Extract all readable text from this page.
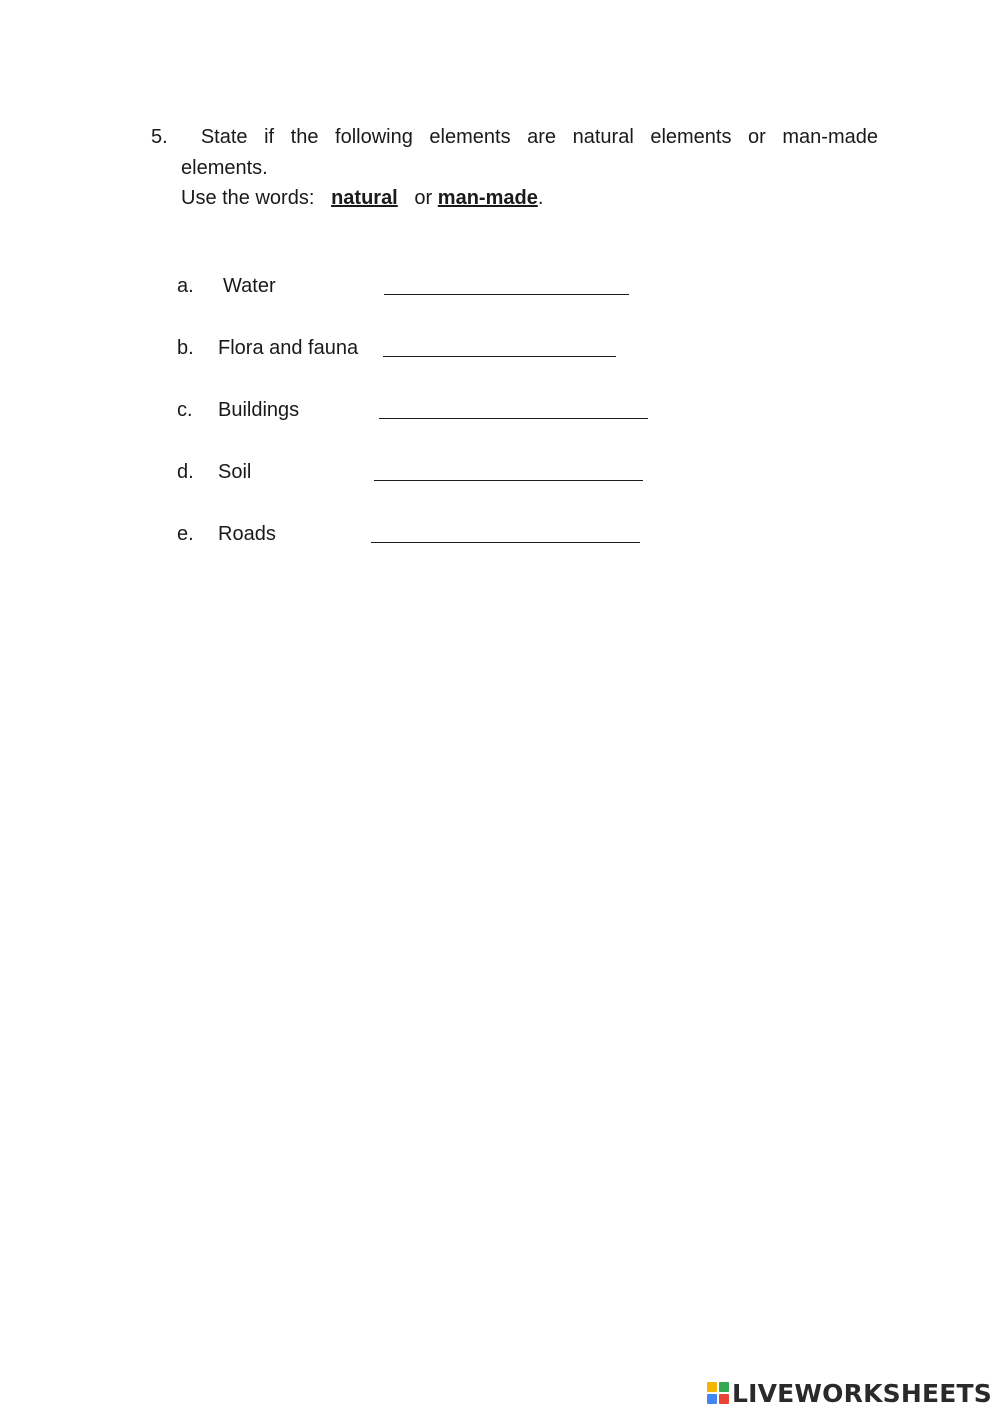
5. State if the following elements are natural elements or man-made
elements.
Use the words: natural or man-made.
a. Water
b. Flora and fauna
c. Buildings
d. Soil
e. Roads
LIVEWORKSHEETS
